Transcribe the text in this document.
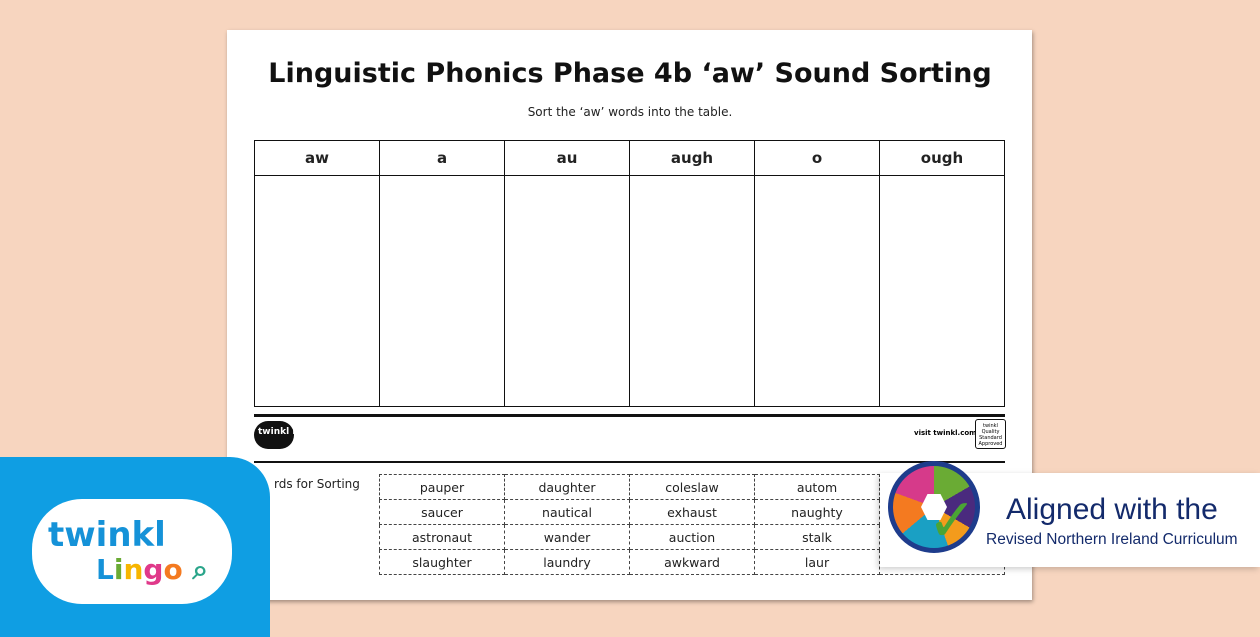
Linguistic Phonics Phase 4b ‘aw’ Sound Sorting
Sort the ‘aw’ words into the table.
aw	a	au	augh	o	ough

twinkl lingo	visit twinkl.com
twinkl Quality Standard Approved
rds for Sorting	pauper	daughter	coleslaw	autom	
saucer	nautical	exhaust	naughty	
astronaut	wander	auction	stalk	
slaughter	laundry	awkward	laur	
twinkl
Lingo ⌕
✓ Aligned with the
Revised Northern Ireland Curriculum
